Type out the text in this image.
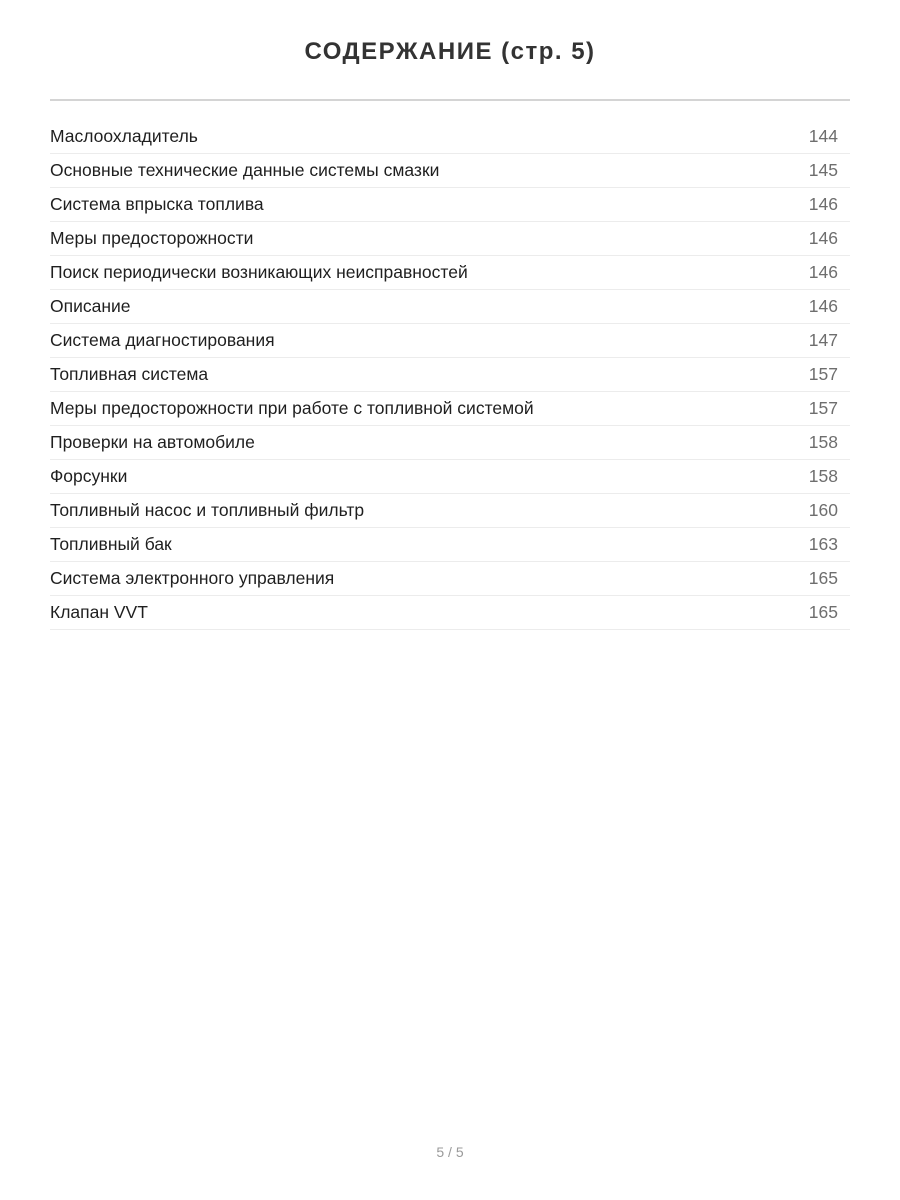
СОДЕРЖАНИЕ (стр. 5)
Маслоохладитель	144
Основные технические данные системы смазки	145
Система впрыска топлива	146
Меры предосторожности	146
Поиск периодически возникающих неисправностей	146
Описание	146
Система диагностирования	147
Топливная система	157
Меры предосторожности при работе с топливной системой	157
Проверки на автомобиле	158
Форсунки	158
Топливный насос и топливный фильтр	160
Топливный бак	163
Система электронного управления	165
Клапан VVT	165
5 / 5
